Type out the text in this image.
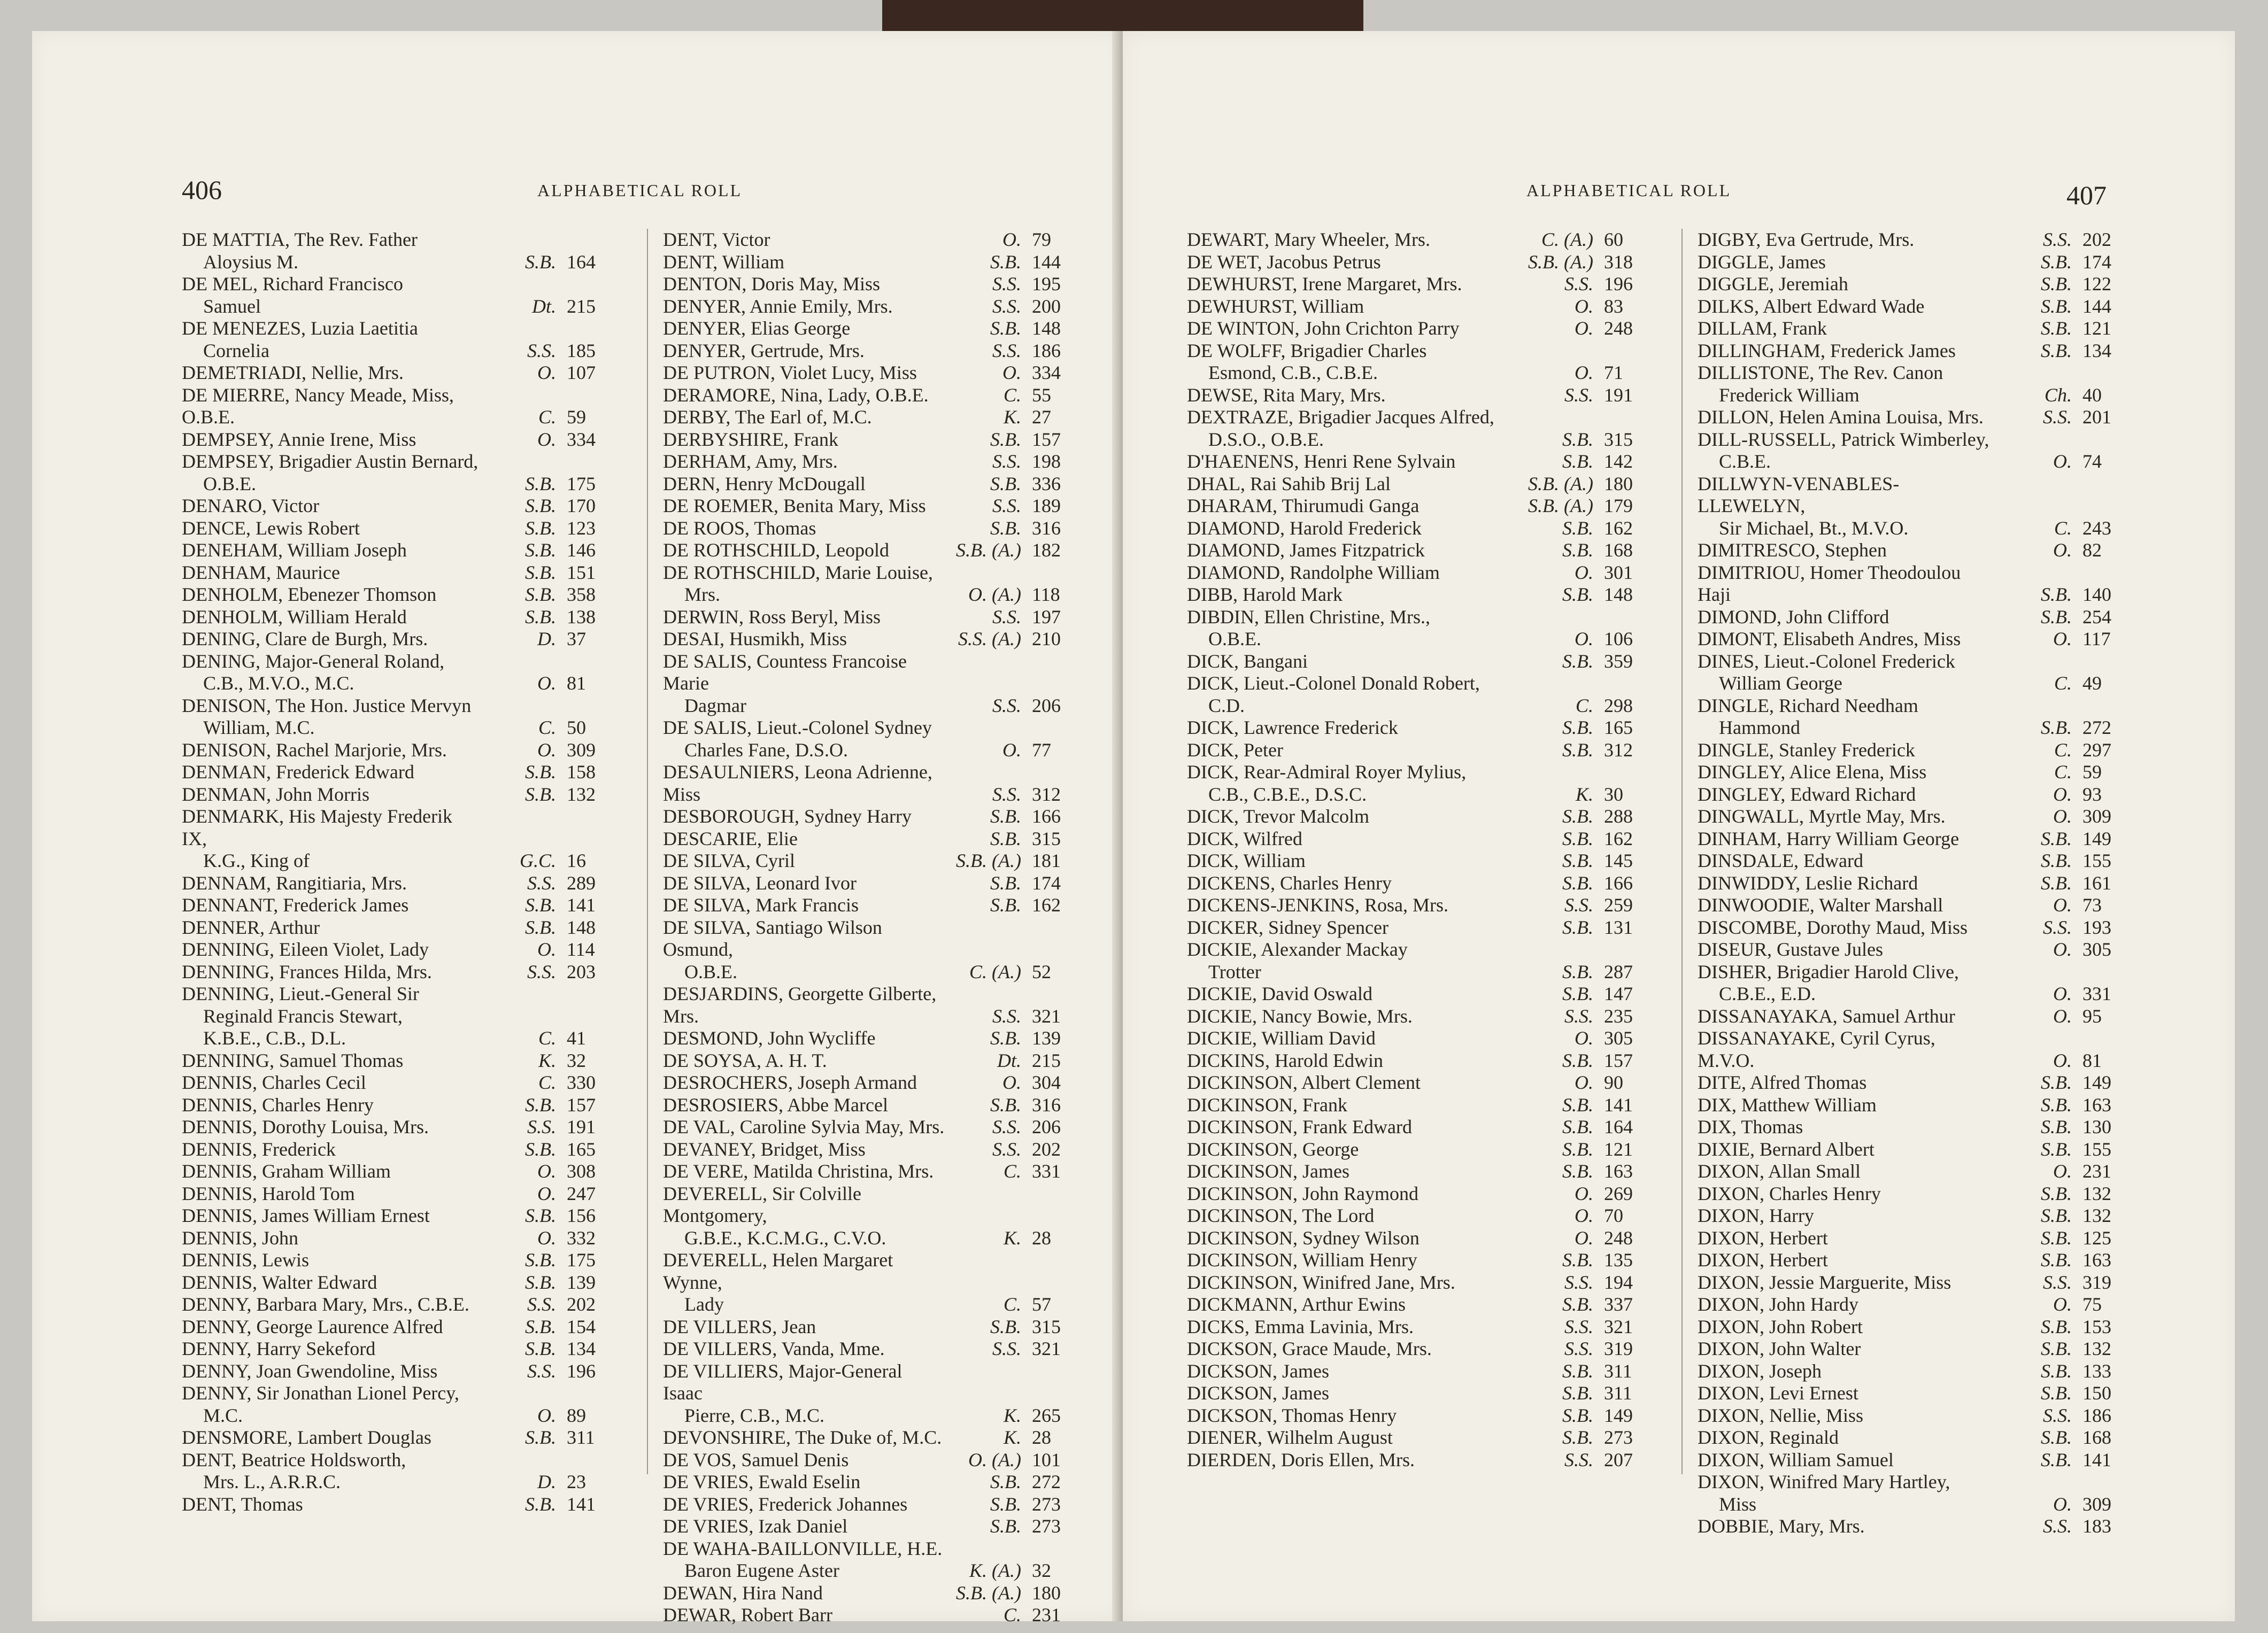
406	ALPHABETICAL ROLL
DE MATTIA, The Rev. Father
Aloysius M.	S.B. 164
DE MEL, Richard Francisco
Samuel	Dt. 215
DE MENEZES, Luzia Laetitia
Cornelia	S.S. 185
DEMETRIADI, Nellie, Mrs.	O. 107
DE MIERRE, Nancy Meade, Miss, O.B.E.	C. 59
DEMPSEY, Annie Irene, Miss	O. 334
DEMPSEY, Brigadier Austin Bernard,
O.B.E.	S.B. 175
DENARO, Victor	S.B. 170
DENCE, Lewis Robert	S.B. 123
DENEHAM, William Joseph	S.B. 146
DENHAM, Maurice	S.B. 151
DENHOLM, Ebenezer Thomson	S.B. 358
DENHOLM, William Herald	S.B. 138
DENING, Clare de Burgh, Mrs.	D. 37
DENING, Major-General Roland,
C.B., M.V.O., M.C.	O. 81
DENISON, The Hon. Justice Mervyn
William, M.C.	C. 50
DENISON, Rachel Marjorie, Mrs.	O. 309
DENMAN, Frederick Edward	S.B. 158
DENMAN, John Morris	S.B. 132
DENMARK, His Majesty Frederik IX,
K.G., King of	G.C. 16
DENNAM, Rangitiaria, Mrs.	S.S. 289
DENNANT, Frederick James	S.B. 141
DENNER, Arthur	S.B. 148
DENNING, Eileen Violet, Lady	O. 114
DENNING, Frances Hilda, Mrs.	S.S. 203
DENNING, Lieut.-General Sir
Reginald Francis Stewart,
K.B.E., C.B., D.L.	C. 41
DENNING, Samuel Thomas	K. 32
DENNIS, Charles Cecil	C. 330
DENNIS, Charles Henry	S.B. 157
DENNIS, Dorothy Louisa, Mrs.	S.S. 191
DENNIS, Frederick	S.B. 165
DENNIS, Graham William	O. 308
DENNIS, Harold Tom	O. 247
DENNIS, James William Ernest	S.B. 156
DENNIS, John	O. 332
DENNIS, Lewis	S.B. 175
DENNIS, Walter Edward	S.B. 139
DENNY, Barbara Mary, Mrs., C.B.E.	S.S. 202
DENNY, George Laurence Alfred	S.B. 154
DENNY, Harry Sekeford	S.B. 134
DENNY, Joan Gwendoline, Miss	S.S. 196
DENNY, Sir Jonathan Lionel Percy,
M.C.	O. 89
DENSMORE, Lambert Douglas	S.B. 311
DENT, Beatrice Holdsworth,
Mrs. L., A.R.R.C.	D. 23
DENT, Thomas	S.B. 141
DENT, Victor	O. 79
DENT, William	S.B. 144
DENTON, Doris May, Miss	S.S. 195
DENYER, Annie Emily, Mrs.	S.S. 200
DENYER, Elias George	S.B. 148
DENYER, Gertrude, Mrs.	S.S. 186
DE PUTRON, Violet Lucy, Miss	O. 334
DERAMORE, Nina, Lady, O.B.E.	C. 55
DERBY, The Earl of, M.C.	K. 27
DERBYSHIRE, Frank	S.B. 157
DERHAM, Amy, Mrs.	S.S. 198
DERN, Henry McDougall	S.B. 336
DE ROEMER, Benita Mary, Miss	S.S. 189
DE ROOS, Thomas	S.B. 316
DE ROTHSCHILD, Leopold	S.B. (A.) 182
DE ROTHSCHILD, Marie Louise,
Mrs.	O. (A.) 118
DERWIN, Ross Beryl, Miss	S.S. 197
DESAI, Husmikh, Miss	S.S. (A.) 210
DE SALIS, Countess Francoise Marie
Dagmar	S.S. 206
DE SALIS, Lieut.-Colonel Sydney
Charles Fane, D.S.O.	O. 77
DESAULNIERS, Leona Adrienne, Miss	S.S. 312
DESBOROUGH, Sydney Harry	S.B. 166
DESCARIE, Elie	S.B. 315
DE SILVA, Cyril	S.B. (A.) 181
DE SILVA, Leonard Ivor	S.B. 174
DE SILVA, Mark Francis	S.B. 162
DE SILVA, Santiago Wilson Osmund,
O.B.E.	C. (A.) 52
DESJARDINS, Georgette Gilberte, Mrs.	S.S. 321
DESMOND, John Wycliffe	S.B. 139
DE SOYSA, A. H. T.	Dt. 215
DESROCHERS, Joseph Armand	O. 304
DESROSIERS, Abbe Marcel	S.B. 316
DE VAL, Caroline Sylvia May, Mrs.	S.S. 206
DEVANEY, Bridget, Miss	S.S. 202
DE VERE, Matilda Christina, Mrs.	C. 331
DEVERELL, Sir Colville Montgomery,
G.B.E., K.C.M.G., C.V.O.	K. 28
DEVERELL, Helen Margaret Wynne,
Lady	C. 57
DE VILLERS, Jean	S.B. 315
DE VILLERS, Vanda, Mme.	S.S. 321
DE VILLIERS, Major-General Isaac
Pierre, C.B., M.C.	K. 265
DEVONSHIRE, The Duke of, M.C.	K. 28
DE VOS, Samuel Denis	O. (A.) 101
DE VRIES, Ewald Eselin	S.B. 272
DE VRIES, Frederick Johannes	S.B. 273
DE VRIES, Izak Daniel	S.B. 273
DE WAHA-BAILLONVILLE, H.E.
Baron Eugene Aster	K. (A.) 32
DEWAN, Hira Nand	S.B. (A.) 180
DEWAR, Robert Barr	C. 231
ALPHABETICAL ROLL	407
DEWART, Mary Wheeler, Mrs.	C. (A.) 60
DE WET, Jacobus Petrus	S.B. (A.) 318
DEWHURST, Irene Margaret, Mrs.	S.S. 196
DEWHURST, William	O. 83
DE WINTON, John Crichton Parry	O. 248
DE WOLFF, Brigadier Charles
Esmond, C.B., C.B.E.	O. 71
DEWSE, Rita Mary, Mrs.	S.S. 191
DEXTRAZE, Brigadier Jacques Alfred,
D.S.O., O.B.E.	S.B. 315
D'HAENENS, Henri Rene Sylvain	S.B. 142
DHAL, Rai Sahib Brij Lal	S.B. (A.) 180
DHARAM, Thirumudi Ganga	S.B. (A.) 179
DIAMOND, Harold Frederick	S.B. 162
DIAMOND, James Fitzpatrick	S.B. 168
DIAMOND, Randolphe William	O. 301
DIBB, Harold Mark	S.B. 148
DIBDIN, Ellen Christine, Mrs.,
O.B.E.	O. 106
DICK, Bangani	S.B. 359
DICK, Lieut.-Colonel Donald Robert,
C.D.	C. 298
DICK, Lawrence Frederick	S.B. 165
DICK, Peter	S.B. 312
DICK, Rear-Admiral Royer Mylius,
C.B., C.B.E., D.S.C.	K. 30
DICK, Trevor Malcolm	S.B. 288
DICK, Wilfred	S.B. 162
DICK, William	S.B. 145
DICKENS, Charles Henry	S.B. 166
DICKENS-JENKINS, Rosa, Mrs.	S.S. 259
DICKER, Sidney Spencer	S.B. 131
DICKIE, Alexander Mackay
Trotter	S.B. 287
DICKIE, David Oswald	S.B. 147
DICKIE, Nancy Bowie, Mrs.	S.S. 235
DICKIE, William David	O. 305
DICKINS, Harold Edwin	S.B. 157
DICKINSON, Albert Clement	O. 90
DICKINSON, Frank	S.B. 141
DICKINSON, Frank Edward	S.B. 164
DICKINSON, George	S.B. 121
DICKINSON, James	S.B. 163
DICKINSON, John Raymond	O. 269
DICKINSON, The Lord	O. 70
DICKINSON, Sydney Wilson	O. 248
DICKINSON, William Henry	S.B. 135
DICKINSON, Winifred Jane, Mrs.	S.S. 194
DICKMANN, Arthur Ewins	S.B. 337
DICKS, Emma Lavinia, Mrs.	S.S. 321
DICKSON, Grace Maude, Mrs.	S.S. 319
DICKSON, James	S.B. 311
DICKSON, James	S.B. 311
DICKSON, Thomas Henry	S.B. 149
DIENER, Wilhelm August	S.B. 273
DIERDEN, Doris Ellen, Mrs.	S.S. 207
DIGBY, Eva Gertrude, Mrs.	S.S. 202
DIGGLE, James	S.B. 174
DIGGLE, Jeremiah	S.B. 122
DILKS, Albert Edward Wade	S.B. 144
DILLAM, Frank	S.B. 121
DILLINGHAM, Frederick James	S.B. 134
DILLISTONE, The Rev. Canon
Frederick William	Ch. 40
DILLON, Helen Amina Louisa, Mrs.	S.S. 201
DILL-RUSSELL, Patrick Wimberley,
C.B.E.	O. 74
DILLWYN-VENABLES-LLEWELYN,
Sir Michael, Bt., M.V.O.	C. 243
DIMITRESCO, Stephen	O. 82
DIMITRIOU, Homer Theodoulou Haji	S.B. 140
DIMOND, John Clifford	S.B. 254
DIMONT, Elisabeth Andres, Miss	O. 117
DINES, Lieut.-Colonel Frederick
William George	C. 49
DINGLE, Richard Needham
Hammond	S.B. 272
DINGLE, Stanley Frederick	C. 297
DINGLEY, Alice Elena, Miss	C. 59
DINGLEY, Edward Richard	O. 93
DINGWALL, Myrtle May, Mrs.	O. 309
DINHAM, Harry William George	S.B. 149
DINSDALE, Edward	S.B. 155
DINWIDDY, Leslie Richard	S.B. 161
DINWOODIE, Walter Marshall	O. 73
DISCOMBE, Dorothy Maud, Miss	S.S. 193
DISEUR, Gustave Jules	O. 305
DISHER, Brigadier Harold Clive,
C.B.E., E.D.	O. 331
DISSANAYAKA, Samuel Arthur	O. 95
DISSANAYAKE, Cyril Cyrus, M.V.O.	O. 81
DITE, Alfred Thomas	S.B. 149
DIX, Matthew William	S.B. 163
DIX, Thomas	S.B. 130
DIXIE, Bernard Albert	S.B. 155
DIXON, Allan Small	O. 231
DIXON, Charles Henry	S.B. 132
DIXON, Harry	S.B. 132
DIXON, Herbert	S.B. 125
DIXON, Herbert	S.B. 163
DIXON, Jessie Marguerite, Miss	S.S. 319
DIXON, John Hardy	O. 75
DIXON, John Robert	S.B. 153
DIXON, John Walter	S.B. 132
DIXON, Joseph	S.B. 133
DIXON, Levi Ernest	S.B. 150
DIXON, Nellie, Miss	S.S. 186
DIXON, Reginald	S.B. 168
DIXON, William Samuel	S.B. 141
DIXON, Winifred Mary Hartley,
Miss	O. 309
DOBBIE, Mary, Mrs.	S.S. 183
